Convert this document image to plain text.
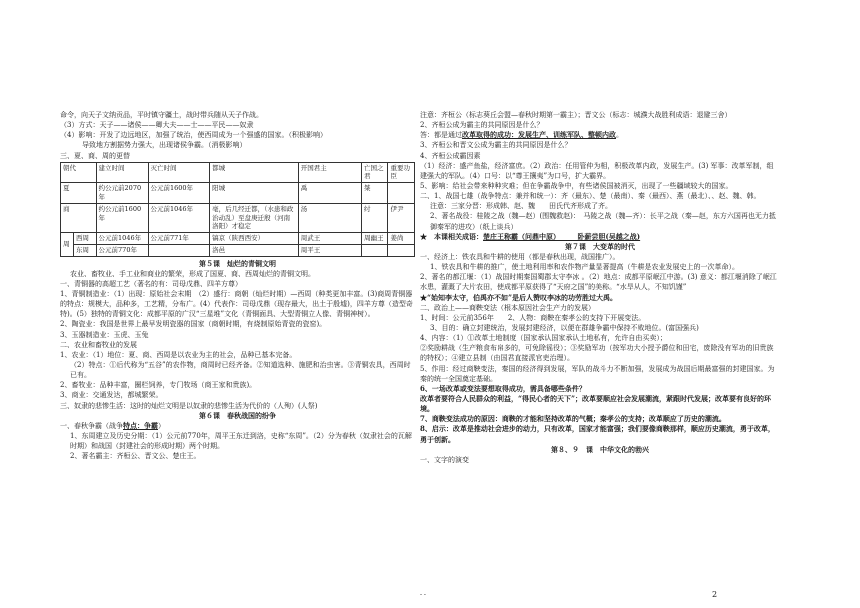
命令，向天子文纳贡品，平时镇守疆土，战时带兵随从天子作战。
（3）方式：天子——诸侯——卿大夫——士——平民——奴隶
（4）影响：开发了边远地区，加强了统治，使西周成为一个强盛的国家。（积极影响）
导致地方割据势力强大，出现诸侯争霸。（消极影响）
三、夏、商、周的更替
朝代		建立时间	灭亡时间	都城	开国君主	亡国之君	重要功臣
夏		约公元前2070年	公元前1600年	阳城	禹	桀	
商		约公元前1600年	公元前1046年	亳，后几经迁都，（水患和政治动乱）至盘庚迁殷（河南洛阳）才稳定	汤	纣	伊尹
周	西周	公元前1046年	公元前771年	镐京（陕西西安）	周武王	周幽王	姜尚
	东周	公元前770年		洛邑	周平王		
第５课　灿烂的青铜文明
农业、畜牧业、手工业和商业的繁荣，形成了国夏、商、西周灿烂的青铜文明。
一、青铜器的高超工艺（著名的有：司母戊鼎、四羊方尊）
1、青铜制造业：（1）出现：原始社会末期　（2）盛行：商朝（灿烂时期）—西周（种类更加丰富。(3)商周青铜器的特点：规模大，品种多，工艺精，分布广。(4）代表作：司母戊鼎（现存最大，出土于殷墟)，四羊方尊（造型奇特)。(5）独特的青铜文化：成都平原的广汉“三星堆”文化（青铜面具、大型青铜立人像、青铜神树）。
2、陶瓷业：我国是世界上最早发明瓷器的国家（商朝时期，有烧制原始青瓷的瓷窑)。
3、玉器制造业：玉虎、玉兔
二、农业和畜牧业的发展
1、农业：（1）地位：夏、商、西周是以农业为主的社会，品种已基本完备。
（2）特点：①后代称为“五谷”的农作物，商周时已经齐备。②知道选种、施肥和治虫害。③青铜农具，西周时已有。
2、畜牧业：品种丰富，圈栏饲养，专门牧场（商王家和贵族)。
3、商业：交通发达，都城繁荣。
三、奴隶的悲惨生活：这时的灿烂文明是以奴隶的悲惨生活为代价的（人殉）(人祭)
第６课　春秋战国的纷争
一、春秋争霸（战争特点：争霸）
1、东周建立及历史分期：（1）公元前770年，周平王东迁到洛，史称“东周”。（2）分为春秋（奴隶社会的瓦解时期）和战国（封建社会的形成时期）两个时期。
2、著名霸主：齐桓公、晋文公、楚庄王。
注意：齐桓公（标志葵丘会盟—春秋时期第一霸主）；晋文公（标志：城濮大战胜利成语：退避三舍）
2、齐桓公成为霸主的共同原因是什么？
答：都是通过改革取得的成功：发展生产、训练军队、整顿内政。
3、齐桓公和晋文公成为霸主的共同原因是什么？
4、齐桓公成霸因素
（1）经济：盛产鱼盐，经济富庶。（2）政治：任用管仲为相，积极改革内政，发展生产。(3) 军事：改革军制，组建强大的军队。（4）口号：以“尊王攘夷”为口号，扩大霸界。
5、影响：给社会带来种种灾难；但在争霸战争中，有些诸侯国被消灭，出现了一些疆域较大的国家。
二、1、战国七雄（战争特点：兼并和统一）：齐（最东）、楚（最南）、秦（最西）、燕（最北）、、赵、魏、韩。
注意：三家分晋：形成韩、赵、魏　　田氏代齐形成了齐。
2、著名战役：桂陵之战（魏—赵）(围魏救赵)：　马陵之战（魏—齐）：长平之战（秦—赵，东方六国再也无力抵御秦军的进攻）（纸上谈兵）
★　本课相关成语：楚庄王称霸（问鼎中原）　　　卧薪尝胆(吴越之战)
第７课　大变革的时代
一、经济上：铁农具和牛耕的使用（都是春秋出现，战国推广）。
1、铁农具和牛耕的推广，使土地利用率和农作物产量显著提高（牛耕是农业发展史上的一次革命）。
2、著名的都江堰：（1）战国时期秦国蜀郡太守李冰 。（2）地点：成都平原岷江中游。(3) 意义：都江堰消除了岷江水患，灌溉了大片农田，使成都平原获得了“天府之国”的美称。“水旱从人，不知饥馑”
★“始知李太守，伯禹亦不如”是后人赞叹李冰的功劳胜过大禹。
二、政治上——商鞅变法（根本原因社会生产力的发展）
1、时间：公元前356年　　2、人物：商鞅在秦孝公的支持下开展变法。
3、目的：确立封建统治，发展封建经济，以便在群雄争霸中保持不败地位。(富国强兵)
4、内容：（1）①改革土地制度（国家承认国家承认土地私有，允许自由买卖）；
②奖励耕战（生产粮食布帛多的，可免除徭役）；③奖励军功（按军功大小授予爵位和田宅，废除没有军功的旧贵族的特权）；④建立县制（由国君直接派官吏治理）。
5、作用：经过商鞅变法，秦国的经济得到发展，军队的战斗力不断加强，发展成为战国后期最富强的封建国家。为秦的统一全国奠定基础。
6、一场改革或变法要想取得成功，需具备哪些条件？
改革者要符合人民群众的利益，“得民心者的天下”；改革要顺应社会发展潮流，紧跟时代发展；改革要有良好的环境。
7、商鞅变法成功的原因：商鞅的才能和坚持改革的气概；秦孝公的支持；改革顺应了历史的潮流。
8、启示：改革是推动社会进步的动力，只有改革，国家才能富强；我们要像商鞅那样，顺应历史潮流，勇于改革，勇于创新。
第８、９　课　中华文化的勃兴
一、文字的演变
- -	2
